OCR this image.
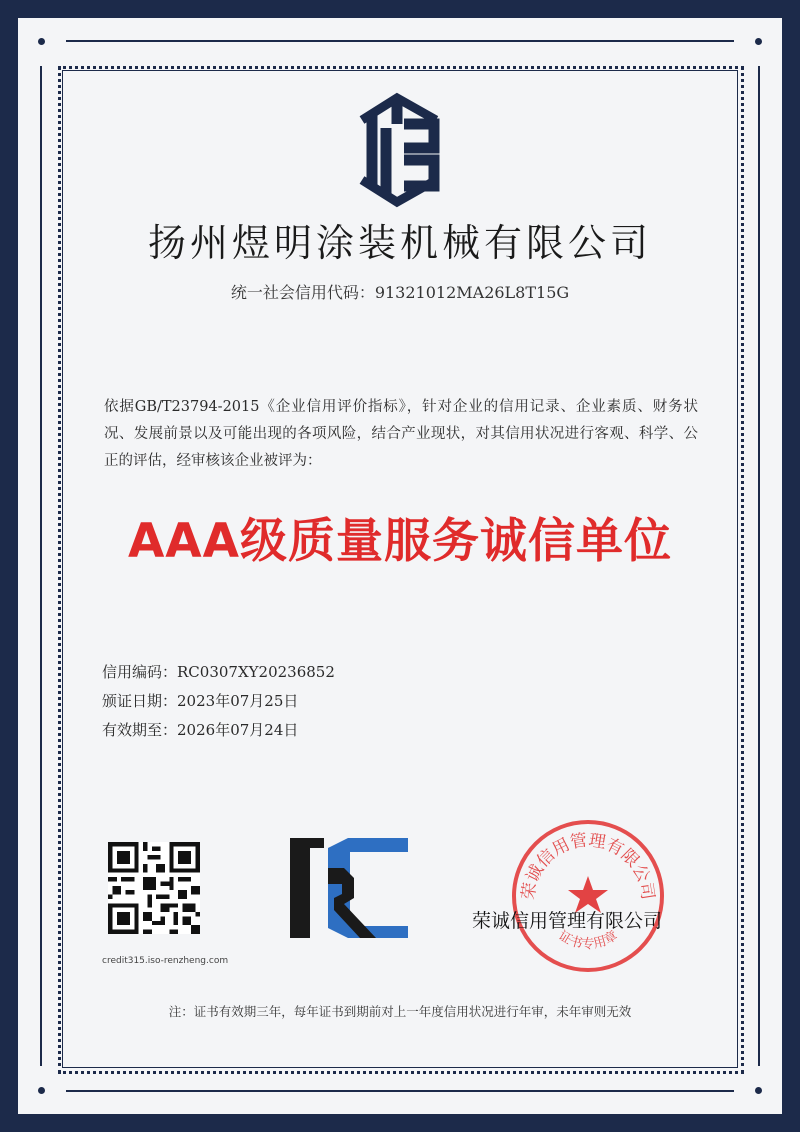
扬州煜明涂装机械有限公司
统一社会信用代码：91321012MA26L8T15G
依据GB/T23794-2015《企业信用评价指标》，针对企业的信用记录、企业素质、财务状况、发展前景以及可能出现的各项风险，结合产业现状，对其信用状况进行客观、科学、公正的评估，经审核该企业被评为：
AAA级质量服务诚信单位
信用编码：RC0307XY20236852
颁证日期：2023年07月25日
有效期至：2026年07月24日
credit315.iso-renzheng.com
荣诚信用管理有限公司
证书专用章
荣诚信用管理有限公司
注：证书有效期三年，每年证书到期前对上一年度信用状况进行年审，未年审则无效
